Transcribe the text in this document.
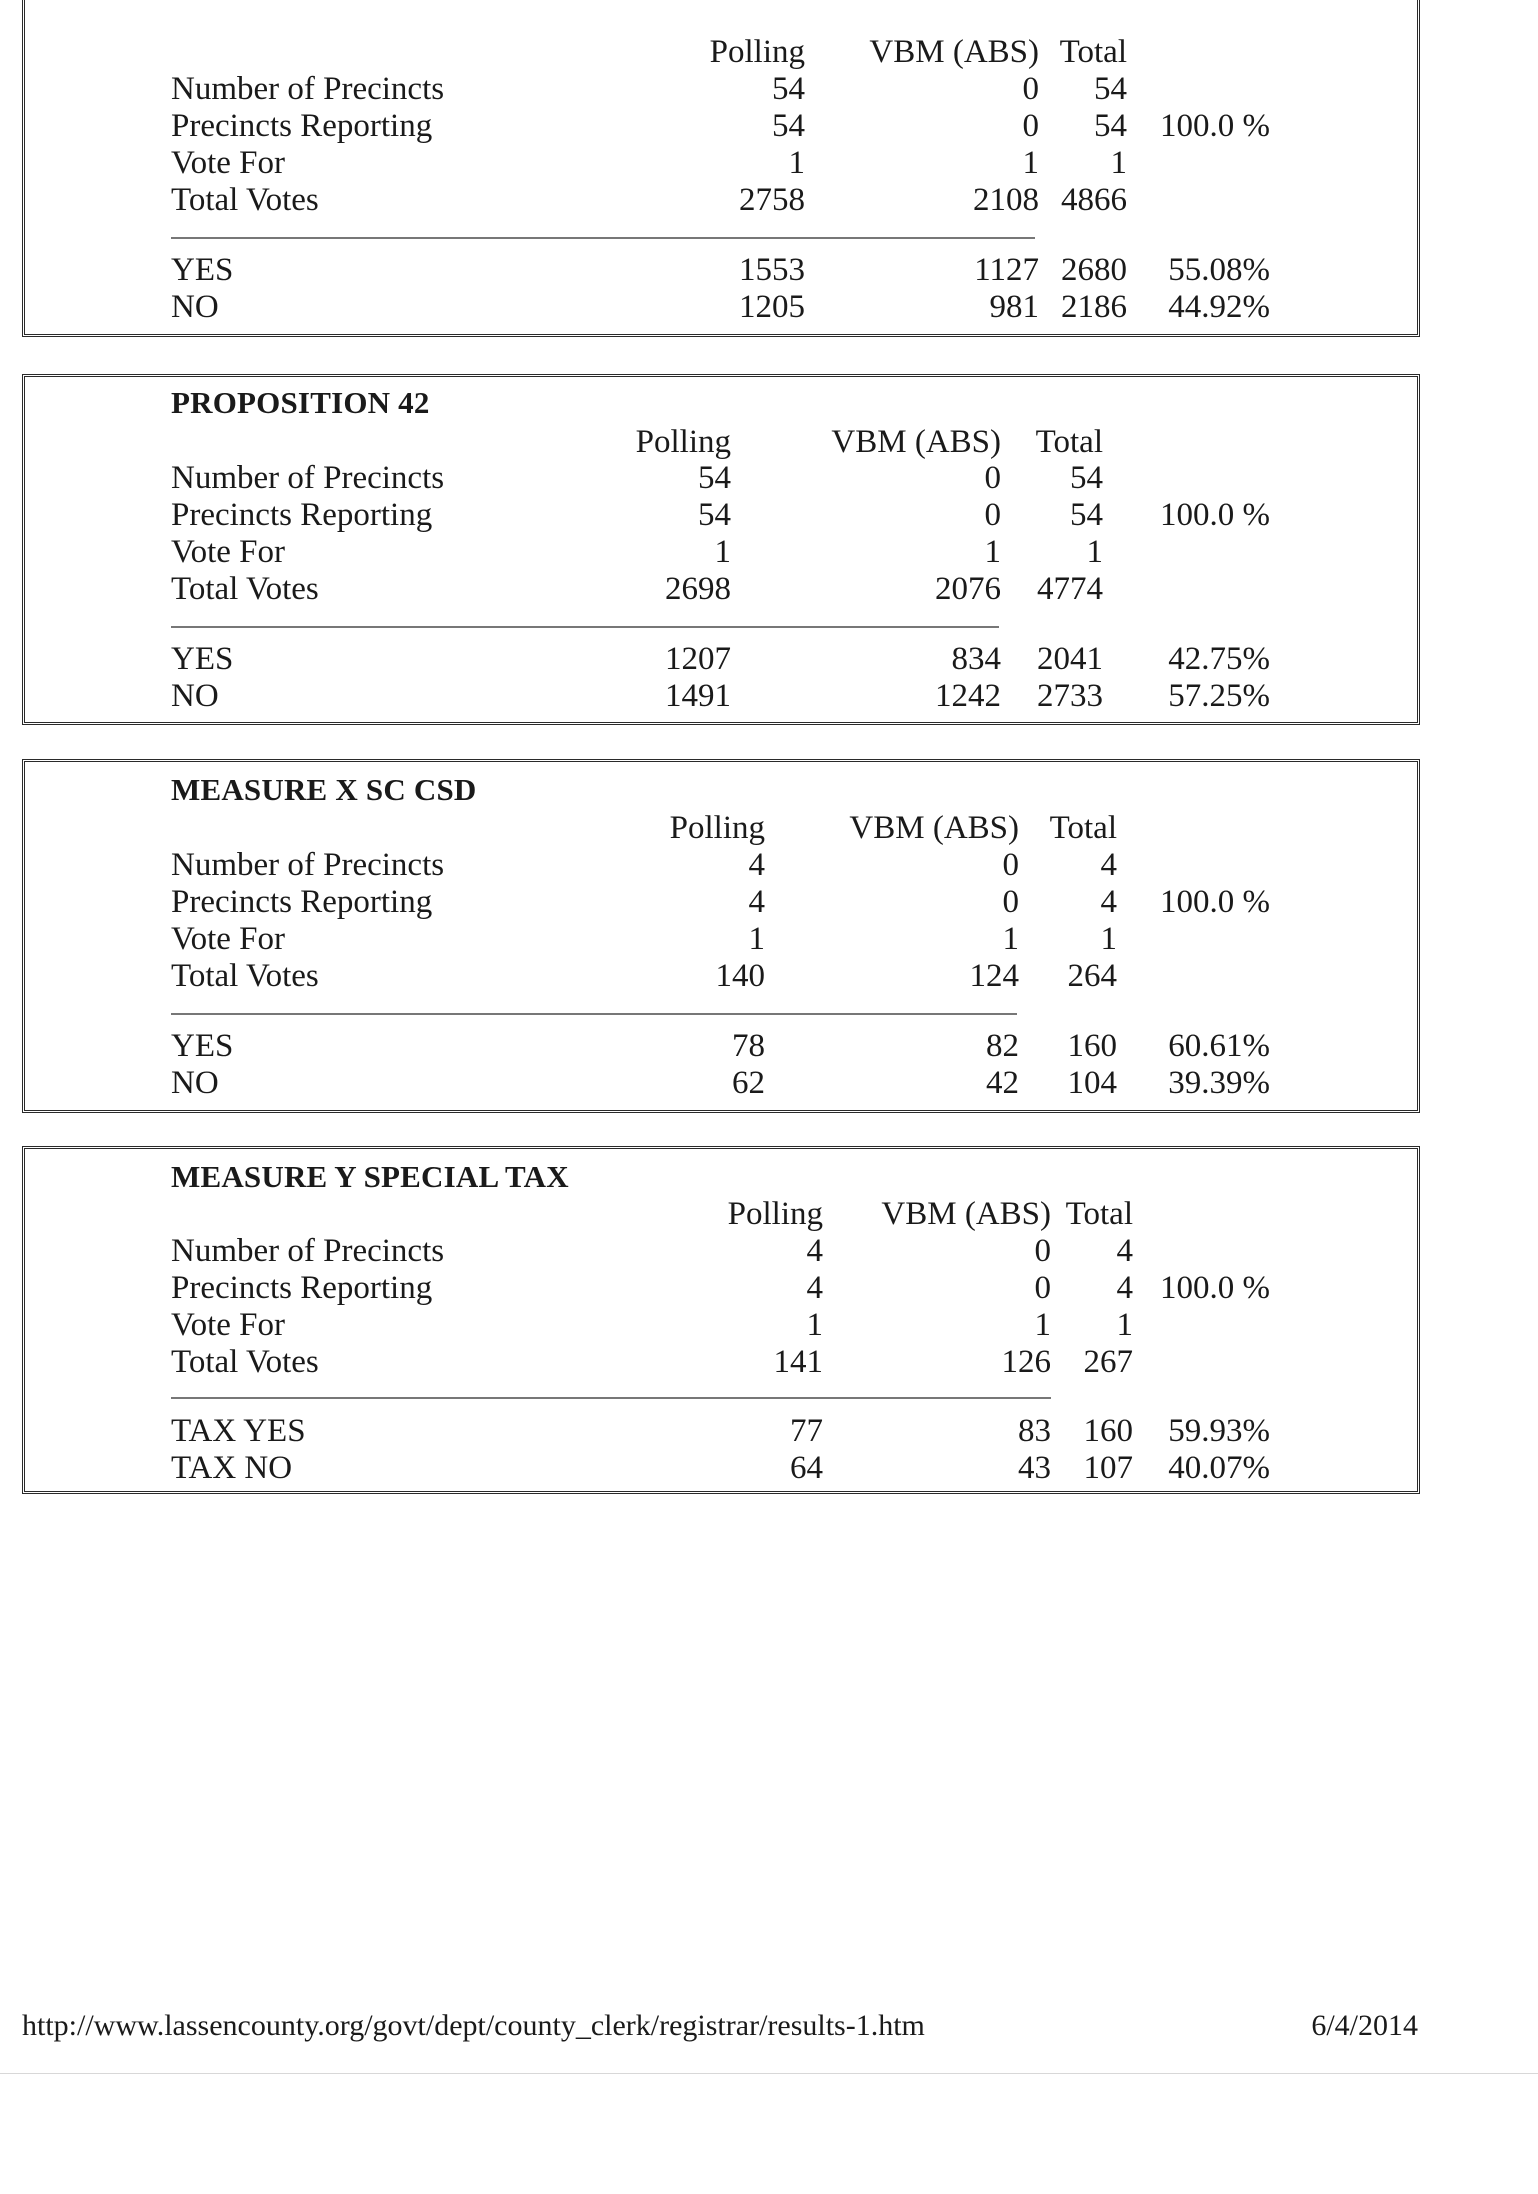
Polling VBM (ABS) Total
Number of Precincts	54	0 54
Precincts Reporting	54	0 54 100.0 %
Vote For	1	1 1
Total Votes	2758	2108 4866
YES	1553	1127 2680 55.08%
NO	1205	981 2186 44.92%
PROPOSITION 42
Polling	VBM (ABS) Total
Number of Precincts	54	0 54
Precincts Reporting	54	0 54 100.0 %
Vote For	1	1	1
Total Votes	2698	2076 4774
YES	1207	834 2041 42.75%
NO	1491	1242 2733 57.25%
MEASURE X SC CSD
Polling	VBM (ABS) Total
Number of Precincts	4	0 4
Precincts Reporting	4	0 4 100.0 %
Vote For	1	1 1
Total Votes	140	124 264
YES	78	82 160 60.61%
NO	62	42 104 39.39%
MEASURE Y SPECIAL TAX
Polling VBM (ABS) Total
Number of Precincts	4	0 4
Precincts Reporting	4	0 4 100.0 %
Vote For	1	1 1
Total Votes	141	126 267
TAX YES	77	83 160 59.93%
TAX NO	64	43 107 40.07%
http://www.lassencounty.org/govt/dept/county_clerk/registrar/results-1.htm	6/4/2014
